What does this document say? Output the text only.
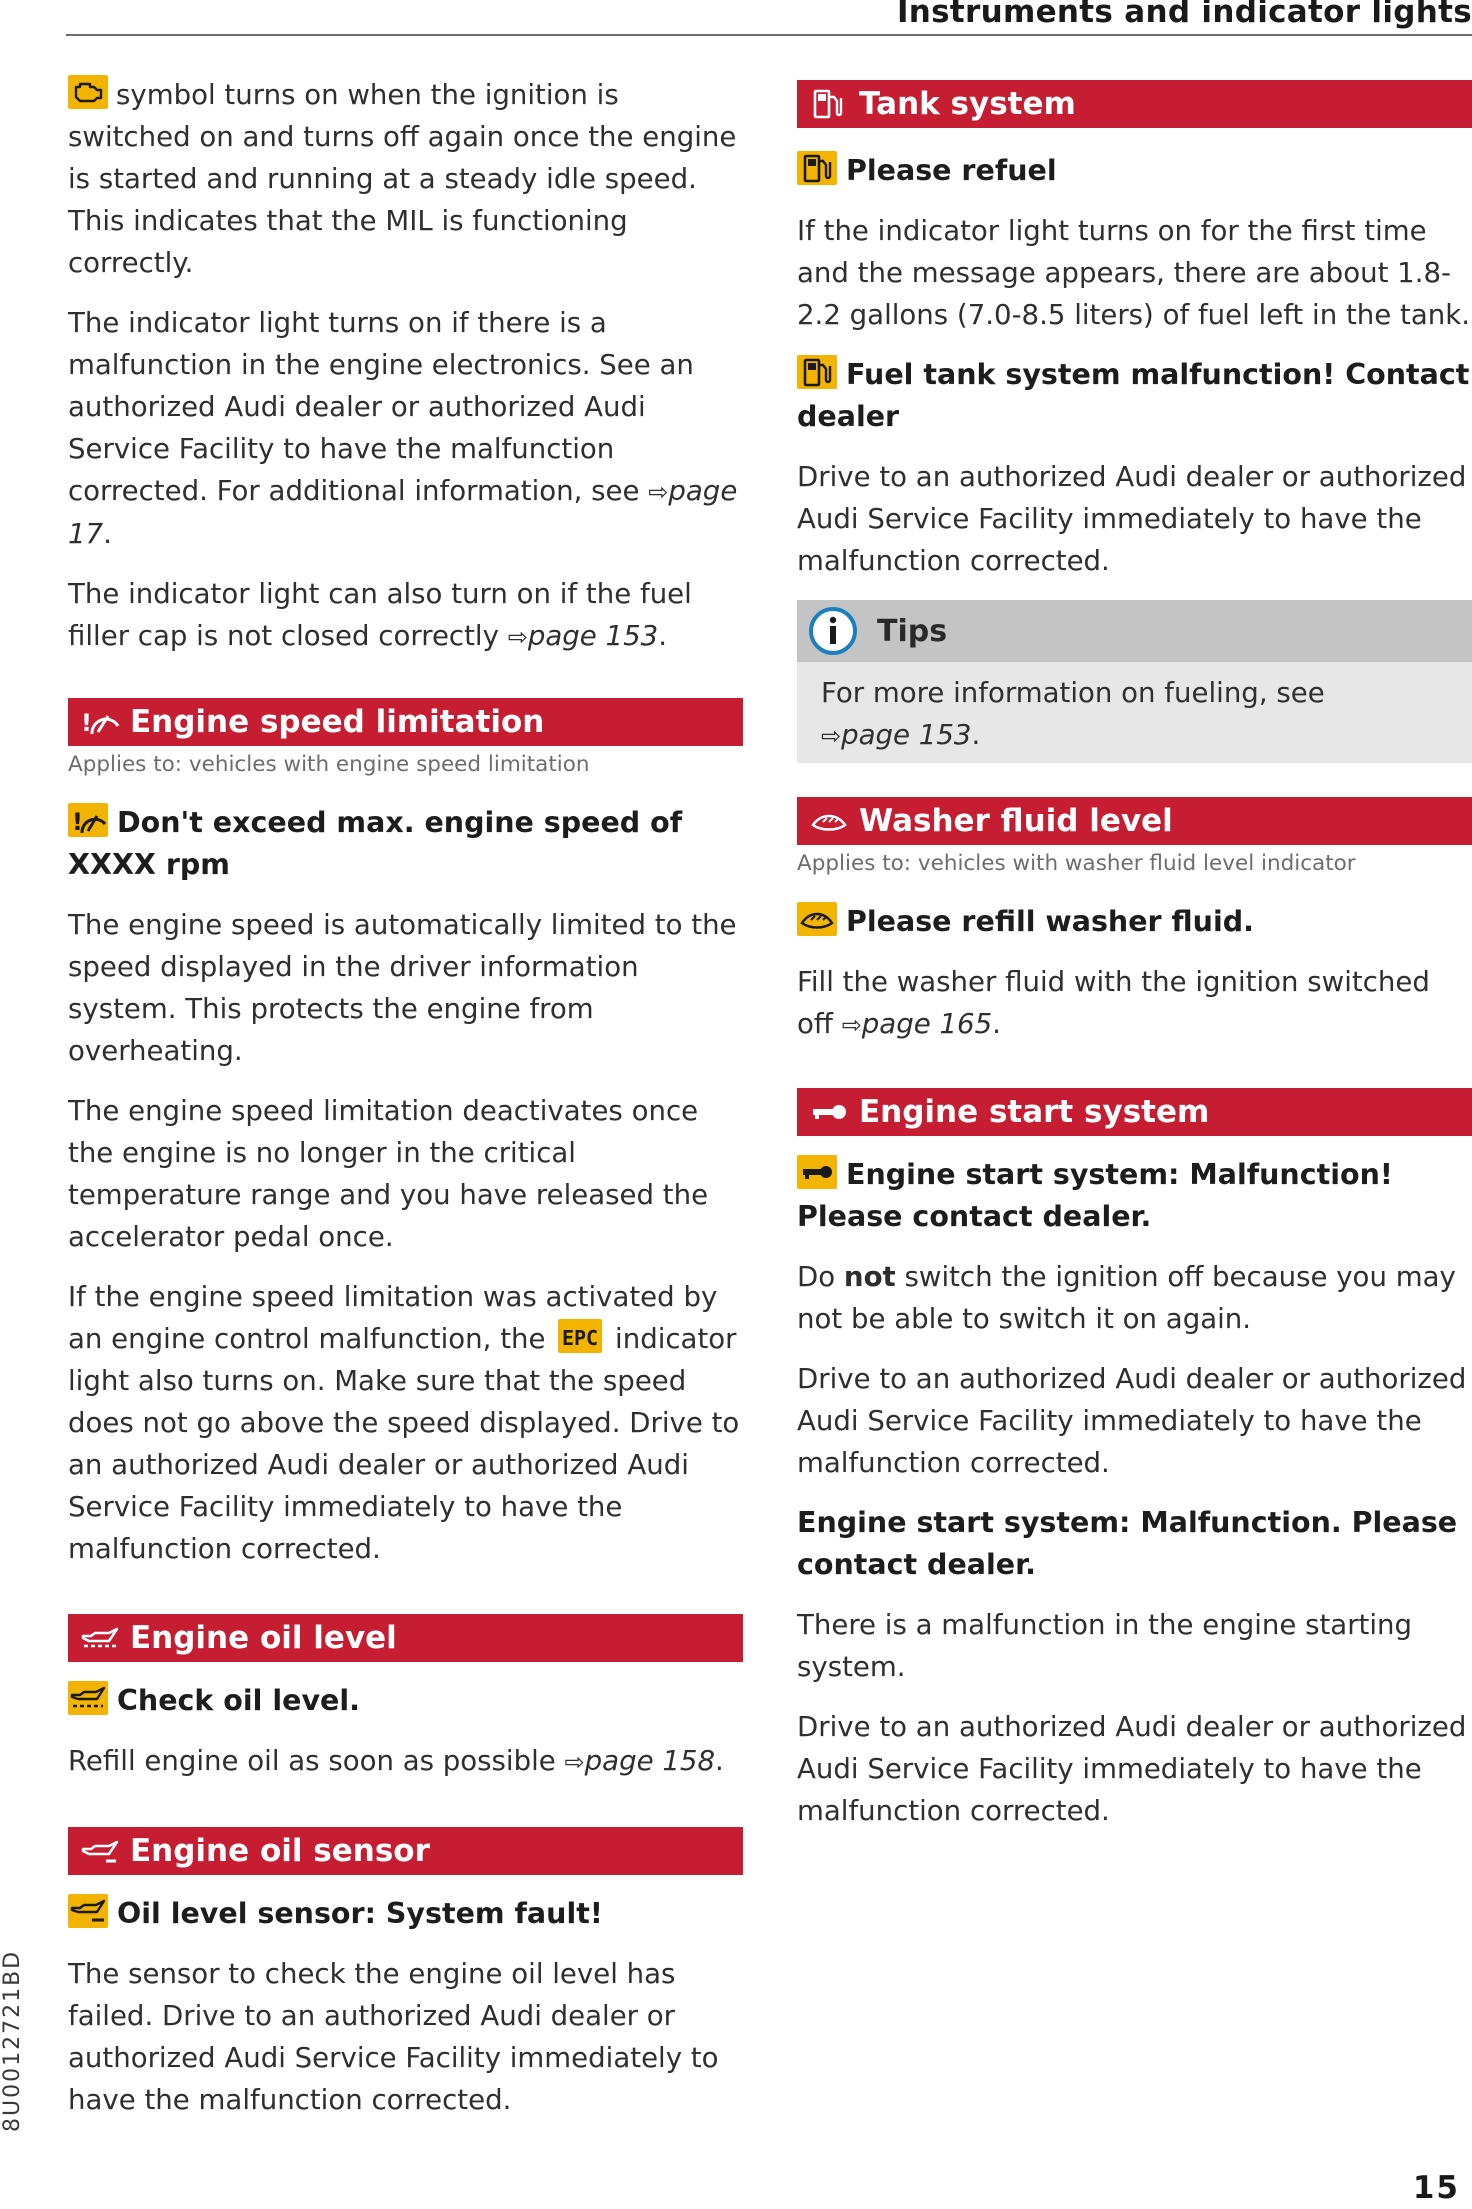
Instruments and indicator lights

symbol turns on when the ignition is switched on and turns off again once the engine is started and running at a steady idle speed. This indicates that the MIL is functioning correctly.

The indicator light turns on if there is a malfunction in the engine electronics. See an authorized Audi dealer or authorized Audi Service Facility to have the malfunction corrected. For additional information, see ⇨page 17.

The indicator light can also turn on if the fuel filler cap is not closed correctly ⇨page 153.

! Engine speed limitation
Applies to: vehicles with engine speed limitation

! Don't exceed max. engine speed of XXXX rpm

The engine speed is automatically limited to the speed displayed in the driver information system. This protects the engine from overheating.

The engine speed limitation deactivates once the engine is no longer in the critical temperature range and you have released the accelerator pedal once.

If the engine speed limitation was activated by an engine control malfunction, the EPC indicator light also turns on. Make sure that the speed does not go above the speed displayed. Drive to an authorized Audi dealer or authorized Audi Service Facility immediately to have the malfunction corrected.

Engine oil level

Check oil level.

Refill engine oil as soon as possible ⇨page 158.

Engine oil sensor

Oil level sensor: System fault!

The sensor to check the engine oil level has failed. Drive to an authorized Audi dealer or authorized Audi Service Facility immediately to have the malfunction corrected.

Tank system

Please refuel

If the indicator light turns on for the first time and the message appears, there are about 1.8-2.2 gallons (7.0-8.5 liters) of fuel left in the tank.

Fuel tank system malfunction! Contact dealer

Drive to an authorized Audi dealer or authorized Audi Service Facility immediately to have the malfunction corrected.

Tips
For more information on fueling, see
⇨page 153.
Washer fluid level
Applies to: vehicles with washer fluid level indicator

Please refill washer fluid.

Fill the washer fluid with the ignition switched off ⇨page 165.

Engine start system

Engine start system: Malfunction! Please contact dealer.

Do not switch the ignition off because you may not be able to switch it on again.

Drive to an authorized Audi dealer or authorized Audi Service Facility immediately to have the malfunction corrected.

Engine start system: Malfunction. Please contact dealer.

There is a malfunction in the engine starting system.

Drive to an authorized Audi dealer or authorized Audi Service Facility immediately to have the malfunction corrected.

8U0012721BD
15
